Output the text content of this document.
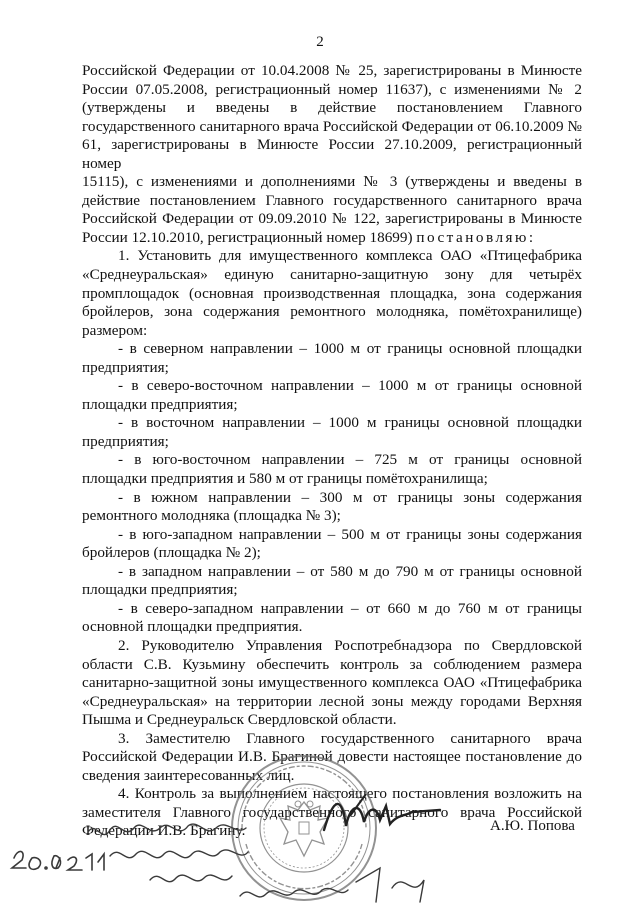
2

Российской Федерации от 10.04.2008 № 25, зарегистрированы в Минюсте

России 07.05.2008, регистрационный номер 11637), с изменениями № 2

(утверждены и введены в действие постановлением Главного

государственного санитарного врача Российской Федерации от 06.10.2009 №

61, зарегистрированы в Минюсте России 27.10.2009, регистрационный номер

15115), с изменениями и дополнениями № 3 (утверждены и введены в

действие постановлением Главного государственного санитарного врача

Российской Федерации от 09.09.2010 № 122, зарегистрированы в Минюсте

России 12.10.2010, регистрационный номер 18699) постановляю:

1. Установить для имущественного комплекса ОАО «Птицефабрика

«Среднеуральская» единую санитарно-защитную зону для четырёх

промплощадок (основная производственная площадка, зона содержания

бройлеров, зона содержания ремонтного молодняка, помётохранилище)

размером:

- в северном направлении – 1000 м от границы основной площадки

предприятия;

- в северо-восточном направлении – 1000 м от границы основной

площадки предприятия;

- в восточном направлении – 1000 м границы основной площадки

предприятия;

- в юго-восточном направлении – 725 м от границы основной

площадки предприятия и 580 м от границы помётохранилища;

- в южном направлении – 300 м от границы зоны содержания

ремонтного молодняка (площадка № 3);

- в юго-западном направлении – 500 м от границы зоны содержания

бройлеров (площадка № 2);

- в западном направлении – от 580 м до 790 м от границы основной

площадки предприятия;

- в северо-западном направлении – от 660 м до 760 м от границы

основной площадки предприятия.

2. Руководителю Управления Роспотребнадзора по Свердловской

области С.В. Кузьмину обеспечить контроль за соблюдением размера

санитарно-защитной зоны имущественного комплекса ОАО «Птицефабрика

«Среднеуральская» на территории лесной зоны между городами Верхняя

Пышма и Среднеуральск Свердловской области.

3. Заместителю Главного государственного санитарного врача

Российской Федерации И.В. Брагиной довести настоящее постановление до

сведения заинтересованных лиц.

4. Контроль за выполнением настоящего постановления возложить на

заместителя Главного государственного санитарного врача Российской

Федерации И.В. Брагину.	А.Ю. Попова
